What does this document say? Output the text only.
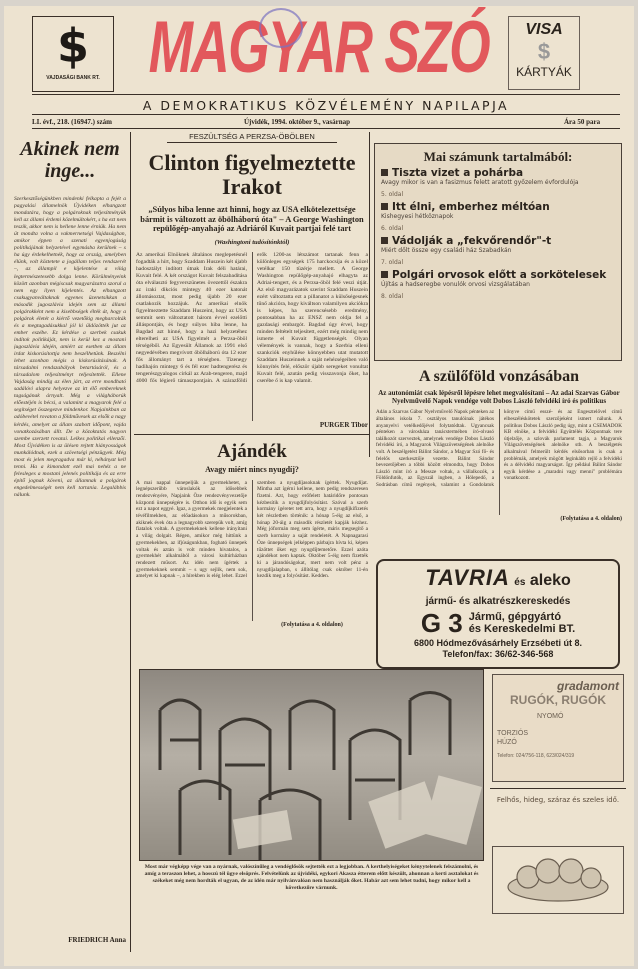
$
VAJDASÁGI BANK RT. MAGYAR SZÓ	VISA
$
KÁRTYÁK
A DEMOKRATIKUS KÖZVÉLEMÉNY NAPILAPJA
LI. évf., 218. (16947.) szám	Újvidék, 1994. október 9., vasárnap	Ára 50 para
Akinek nem inge...
Szerkesztőségünkben mindenki felkapta a fejét a pagyalási államelnök Újvidéken elhangzott mondatára, hogy a polgároknak teljesítményük kell az állami érdemi közelmúltokért, s ha ezt nem teszik, akkor nem is hellene lenne érniük. Ha nem üt mondta volna a vakmernetségi Vajdaságban, amikor éppen a szenati egyenjogúság politikájának helyzetével egymásba kerülnek – s ha úgy érdekelhetnék, hogy az ország, amelyben élünk, volt köztetete a jogállam teljes rendszerét –, az állampil e kijelentése a világ legtermészetesebb dolga lenne. Körülményeink között azonban mégiscsak magyarázatra szorul a nem egy ilyen kijelentés. Az elhangzott csakugyanváltaknak egyenes üzenetsikkan a második jugoszlávia idején sem az állami polgárokként nem a kisebbségek élték át, hogy a polgárok életét a kiértő vezetőkig megharcolták és a megtagadásukkal jól ki üldözötték jut az ember eszébe. Ez kérdése a szerbek csakuk indítok politikáját, nem is kerül kez a mostani jugoszlávia idején, amiért az esetben az állam irdat kiskorúsítottja nem beszélhetünk. Beszélni lehet azonban mégis a kiskorúsításának. A társadalmi rendszabályok betartásáról, és a társadalom teljesítményt teljesítették. Ellene Vajdaság mindig az élen járt, az erre mondható sadálóvi alapra helyezve az itt élő embereknek tagságának árnyalt. Még a világháborúk előestéjén is bécsi, a valamint a magyarok felé a segítséget összegezve mindenkor. Napjainkban az adóbevétel rovaton a földművesek az elsők a nagy kérdés, amelyet az állam szabott időpont, vajda vonatkozásában állt. De a közoktatás nagyon szembe szerzett rovatai. Lelkes politikai ellenzői. Most Újvidéken is az ülésen rejtett hiányosságok munkálódnak, ezek a szövetségi pénzügyek. Még most és jelen megragadva már ki, néhányat kell tenni. Ha a kimondott ezél mai nehéz a ne felesleges a mostani jelenés politikája és az erre építő jognak köveni, az államnak a polgárok engedelmességét nem kell tartania. Legalábbis nálunk.
FRIEDRICH Anna
FESZÜLTSÉG A PERZSA-ÖBÖLBEN
Clinton figyelmeztette Irakot
„Súlyos hiba lenne azt hinni, hogy az USA elkötelezettsége bármit is változott az öbölháború óta" – A George Washington repülőgép-anyahajó az Adriáról Kuvait partjai felé tart
(Washingtoni tudósítónktól)
Az amerikai Elnöknek általános meglepetésnél fogadták a hírt, hogy Szaddam Huszein két újabb hadosztályt indított útnak Irak déli határai, Kuvait felé. A két országot Kuvait felszabadítása óta elválasztó fegyverszünetes övezettől északra az iraki dikciós mintegy 40 ezer katonát állomásoztat, most pedig újabb 20 ezer csatlakozik hozzájuk. Az amerikai elnök figyelmeztette Szaddam Huszeint, hogy az USA semmit sem változtatott három évvel ezelőtti álláspontján, és hogy súlyos hiba lenne, ha Bagdad azt hinné, hogy a hazi helyzetéhez elterelheti az USA figyelmét a Perzsa-öböl térségéből. Az Egyesült Államok az 1991 első negyedévében megvívott öbölháború óta 12 ezer fős állományt tart a térségben. Tizenegy hadihajón mintegy 6 és fél ezer hadtengerész és tengerészgyalogos cirkál az Arab-tengeren, majd 4000 fős légierő támaszpontjain. A szárazföldi erők 1200-as létszámot tartanak fenn a különleges egységek 175 harckocsija és a közel vetélkar 150 tüzérje mellett. A George Washington repülőgép-anyahajó elhagyta az Adriai-tengert, és a Perzsa-öböl felé veszi útját. Az első magyarázatok szerint Szaddam Huszein ezért változtatta ezt a pillanatot a külsőségesnek tűnő akcióra, hogy kiváltson valamilyen akciókra is képes, ha szerencsésebb eredmény, pontosabban ha az ENSZ nem oldja fel a gazdasági embargót. Bagdad úgy érvel, hogy minden feltételt teljesített, ezért még mindig nem ismerte el Kuvait függetlenségét. Olyan vélemények is vannak, hogy a Szerbia elleni szankciók enyhülése könnyebben utat mutatott Szaddam Huszeinnek a saját nehézségeiben való könnyítés felé, először újabb seregeket vonultat Kuvait felé, azután pedig visszavonja őket, ha cserébe ő is kap valamit.
PURGER Tibor
Ajándék
Avagy miért nincs nyugdíj?
A mai nappal ünnepeljük a gyermekhetet, a legnépszerűbb városlakók az idősebbek rendezvényére, Napjaink Öze rendezvényvezetője központi ünnepségére is. Otthon idő is egyik sem ezt a napot eggyé. Igaz, a gyermekek megjelentek a tévéfilmekben, az előadásokon a műsorokban, akiknek évek óta a legnagyobb szerepük volt, amíg fiatalok voltak. A gyermekeknek kellene irányítani a világ dolgait. Régen, amikor még hittünk a gyermekekben, az ifjúságunkban, fogható ünnepek voltak és aztán is volt minden hivatalos, a gyermekhét alkalmából a városi kultúrházban rendezett műsort. Az idén nem ígértek a gyermekeknek semmit – s ugy sejlik, nem sok, amelyet ki kapnak –, a hírekben is elég lehet. Ezzel szemben a nyugdíjasoknak ígértek. Nyugdíjat. Mintha azt ígérni kellene, nem pedig rendszeresen fizetni. Azt, hogy erőfelett határidőre pontosan kézbesítik a nyugdíjfolyósítást. Szóval a szerb kormány ígéretet tett arra, hogy a nyugdíjkifizetés két részletben történik: a hónap 5-éig az első, a hónap 20-áig a második részletét kapják kézhez. Még jóformán meg sem ígérte, máris megsegítő a szerb kormány a saját rendeletét. A Napnagarasi Öze ünnepségek jelképpen párbajra hívta ki, képen tűzöttet őket egy nyugdíjtemetőre. Ezzel azóta ajándékot nem kaptak. Október 5-éig nem fizették ki a járandóságokat, mert nem volt pénz a nyugdíjalapban, s állítólag csak október 11-én kezdik meg a folyósítást. Kedden.
(Folytatása a 4. oldalon)
Mai számunk tartalmából:
Tiszta vizet a pohárba
Avagy mikor is van a fasizmus felett aratott győzelem évfordulója
5. oldal
Itt élni, emberhez méltóan
Kishegyesi hétköznapok
6. oldal
Vádolják a „fekvőrendőr"-t
Miért dőlt össze egy családi ház Szabadkán
7. oldal
Polgári orvosok előtt a sorkötelesek
Újítás a hadseregbe vonulók orvosi vizsgálatában
8. oldal
A szülőföld vonzásában
Az autonómiát csak lépésről lépésre lehet megvalósítani – Az adai Szarvas Gábor Nyelvművelő Napok vendége volt Dobos László felvidéki író és politikus
Adán a Szarvas Gábor Nyelvművelő Napok pénteken az általános iskola 7. osztályos tanulóinak játékos anyanyelvi vetélkedőjével folytatódtak. Ugyancsak pénteken a városháza tanácstermében író-olvasó találkozót szerveztek, amelynek vendége Dobos László felvidéki író, a Magyarok Világszövetségének alelnöke volt. A beszélgetést Bálint Sándor, a Magyar Szó fő- és felelős szerkesztője vezette. Bálint Sándor bevezetőjében a többi között elmondta, hogy Dobos László mint író a Messze voltak, a vállalkozók, a Földönfutók, az Egyszál ingben, a Hólepedő, a Sodrásban című regények, valamint a Gondolatok könyve című esszé- és az Engesztelővel című elbeszéléskötetek szerzőjeként ismert nálunk. A politikus Dobos László pedig úgy, mint a CSEMADOK KB elnöke, a felvidéki Együttélés Központnak tere útjelzője, a szlovák parlament tagja, a Magyarok Világszövetségének alelnöke stb. A beszélgetés alkalmával felmerült kérdés elsősorban is csak a problémák, amelyek mögött leginkább rejlő a felvidéki és a délvidéki magyarságot. Így például Bálint Sándor egyik kérdése a „maradni vagy menni" problémára vonatkozott.
(Folytatása a 4. oldalon)
TAVRIA és aleko
jármű- és alkatrészkereskedés
G 3 Jármű, gépgyártó
és Kereskedelmi BT.
6800 Hódmezővásárhely Erzsébeti út 8.
Telefon/fax: 36/62-346-568
Most már végképp vége van a nyárnak, valószínűleg a vendéglősök sejtették ezt a legjobban. A kerthelyiségeket kényytelenek felszámolni, és amíg a teraszon lehet, a hosszú tél ügye elsöprés. Felvételünk az újvidéki, egykori Akasza étterem előtt készült, ahonnan a kerti asztalokat és székeket még nem hordták el ugyan, de az idén már nyilvánvalóan nem használják őket. Habár azt sem lehet tudni, hogy mikor kell a következőre várnunk.
gradamont
RUGÓK, RUGÓK
NYOMÓ
TORZIÓS
HÚZÓ
Telefon: 024/756-118, 623/024/319
Felhős, hideg, száraz és szeles idő.
